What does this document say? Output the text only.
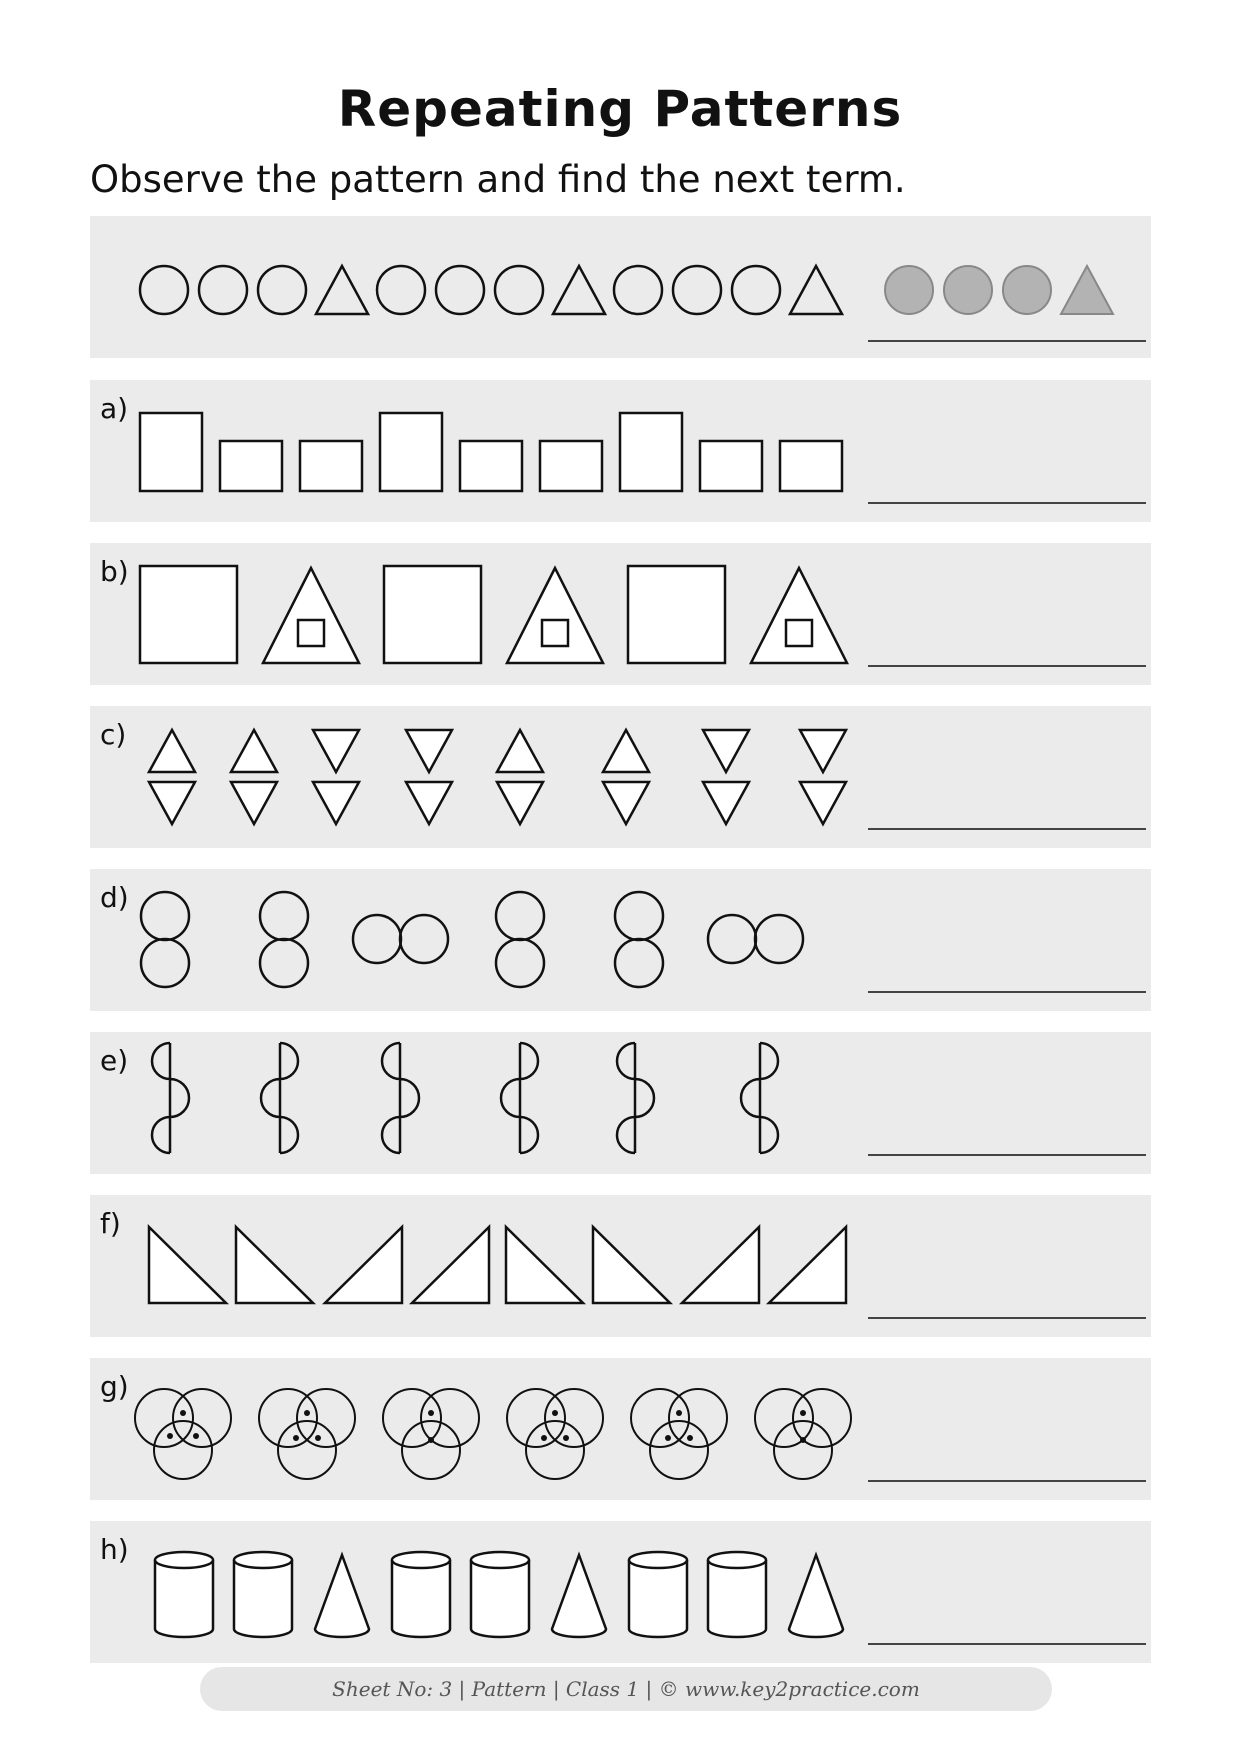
Repeating Patterns
Observe the pattern and find the next term.
a)
b)
c)
d)
e)
f)
g)
h)
Sheet No: 3 | Pattern | Class 1 | © www.key2practice.com
